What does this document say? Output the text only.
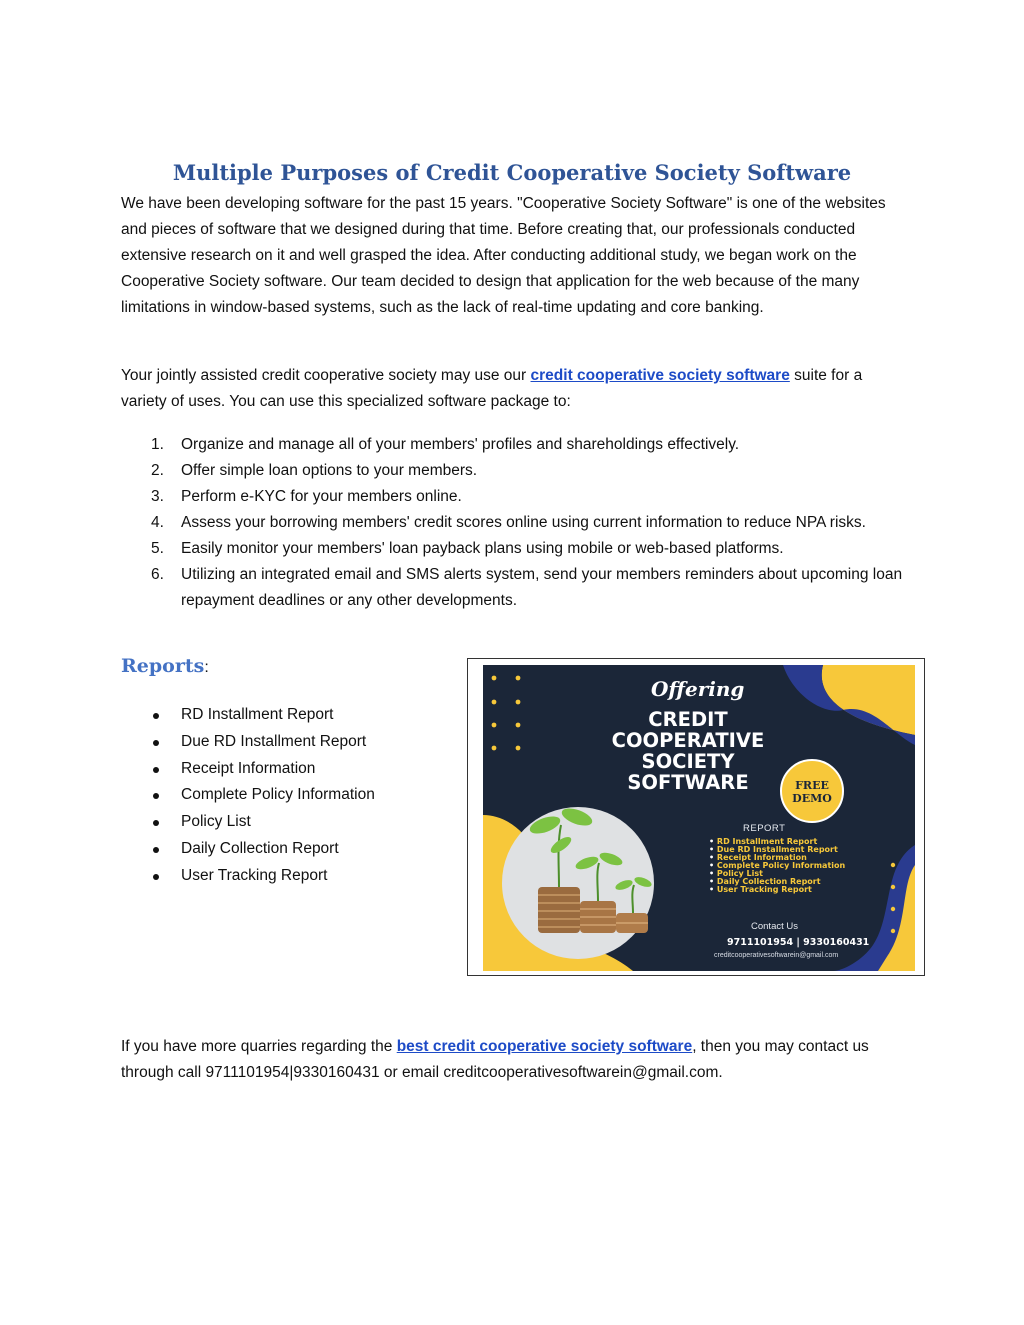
Multiple Purposes of Credit Cooperative Society Software

We have been developing software for the past 15 years. "Cooperative Society Software" is one of the websites and pieces of software that we designed during that time. Before creating that, our professionals conducted extensive research on it and well grasped the idea. After conducting additional study, we began work on the Cooperative Society software. Our team decided to design that application for the web because of the many limitations in window-based systems, such as the lack of real-time updating and core banking.

Your jointly assisted credit cooperative society may use our credit cooperative society software suite for a variety of uses. You can use this specialized software package to:

1. Organize and manage all of your members' profiles and shareholdings effectively.
2. Offer simple loan options to your members.
3. Perform e-KYC for your members online.
4. Assess your borrowing members' credit scores online using current information to reduce NPA risks.
5. Easily monitor your members' loan payback plans using mobile or web-based platforms.
6. Utilizing an integrated email and SMS alerts system, send your members reminders about upcoming loan repayment deadlines or any other developments.
Reports:
RD Installment Report
Due RD Installment Report
Receipt Information
Complete Policy Information
Policy List
Daily Collection Report
User Tracking Report
Offering
CREDIT
COOPERATIVE
SOCIETY
SOFTWARE	FREE
DEMO
REPORT
• RD Installment Report
• Due RD Installment Report
• Receipt Information
• Complete Policy Information
• Policy List
• Daily Collection Report
• User Tracking Report
Contact Us
9711101954 | 9330160431
creditcooperativesoftwarein@gmail.com

If you have more quarries regarding the best credit cooperative society software, then you may contact us through call 9711101954|9330160431 or email creditcooperativesoftwarein@gmail.com.
